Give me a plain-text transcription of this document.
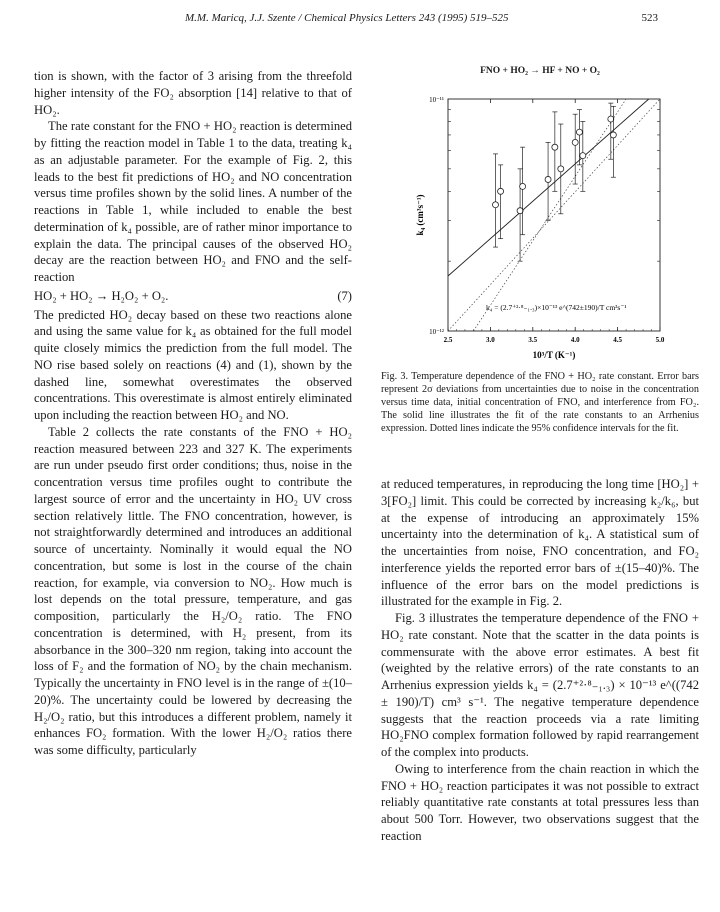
M.M. Maricq, J.J. Szente / Chemical Physics Letters 243 (1995) 519–525	523

tion is shown, with the factor of 3 arising from the threefold higher intensity of the FO₂ absorption [14] relative to that of HO₂.

The rate constant for the FNO + HO₂ reaction is determined by fitting the reaction model in Table 1 to the data, treating k₄ as an adjustable parameter. For the example of Fig. 2, this leads to the best fit predictions of HO₂ and NO concentration versus time profiles shown by the solid lines. A number of the reactions in Table 1, while included to enable the best determination of k₄ possible, are of rather minor importance to explain the data. The principal causes of the observed HO₂ decay are the reaction between HO₂ and FNO and the self-reaction

HO₂ + HO₂ → H₂O₂ + O₂.	(7)

The predicted HO₂ decay based on these two reactions alone and using the same value for k₄ as obtained for the full model quite closely mimics the prediction from the full model. The NO rise based solely on reactions (4) and (1), shown by the dashed line, somewhat overestimates the observed concentrations. This overestimate is almost entirely eliminated upon including the reaction between HO₂ and NO.

Table 2 collects the rate constants of the FNO + HO₂ reaction measured between 223 and 327 K. The experiments are run under pseudo first order conditions; thus, noise in the concentration versus time profiles ought to contribute the largest source of error and the uncertainty in HO₂ UV cross section relatively little. The FNO concentration, however, is not straightforwardly determined and introduces an additional source of uncertainty. Nominally it would equal the NO concentration, but some is lost in the course of the chain reaction, for example, via conversion to NO₂. How much is lost depends on the total pressure, temperature, and gas composition, particularly the H₂/O₂ ratio. The FNO concentration is determined, with H₂ present, from its absorbance in the 300–320 nm region, taking into account the loss of F₂ and the formation of NO₂ by the chain mechanism. Typically the uncertainty in FNO level is in the range of ±(10–20)%. The uncertainty could be lowered by decreasing the H₂/O₂ ratio, but this introduces a different problem, namely it enhances FO₂ formation. With the lower H₂/O₂ ratios there was some difficulty, particularly

FNO + HO₂ → HF + NO + O₂
10⁻¹¹
10⁻¹²
k₄ (cm³s⁻¹)
k₄ = (2.7⁺²·⁸₋₁.₃)×10⁻¹³ e^(742±190)/T cm³s⁻¹
10³/T (K⁻¹)
2.5	3.0	3.5	4.0	4.5	5.0
Fig. 3. Temperature dependence of the FNO + HO₂ rate constant. Error bars represent 2σ deviations from uncertainties due to noise in the concentration versus time data, initial concentration of FNO, and interference from FO₂. The solid line illustrates the fit of the rate constants to an Arrhenius expression. Dotted lines indicate the 95% confidence intervals for the fit.

at reduced temperatures, in reproducing the long time [HO₂] + 3[FO₂] limit. This could be corrected by increasing k₂/k₆, but at the expense of introducing an approximately 15% uncertainty into the determination of k₄. A statistical sum of the uncertainties from noise, FNO concentration, and FO₂ interference yields the reported error bars of ±(15–40)%. The influence of the error bars on the model predictions is illustrated for the example in Fig. 2.

Fig. 3 illustrates the temperature dependence of the FNO + HO₂ rate constant. Note that the scatter in the data points is commensurate with the above error estimates. A best fit (weighted by the relative errors) of the rate constants to an Arrhenius expression yields k₄ = (2.7⁺²·⁸₋₁.₃) × 10⁻¹³ e^((742 ± 190)/T) cm³ s⁻¹. The negative temperature dependence suggests that the reaction proceeds via a rate limiting HO₂FNO complex formation followed by rapid rearrangement of the complex into products.

Owing to interference from the chain reaction in which the FNO + HO₂ reaction participates it was not possible to extract reliably quantitative rate constants at total pressures less than about 500 Torr. However, two observations suggest that the reaction
